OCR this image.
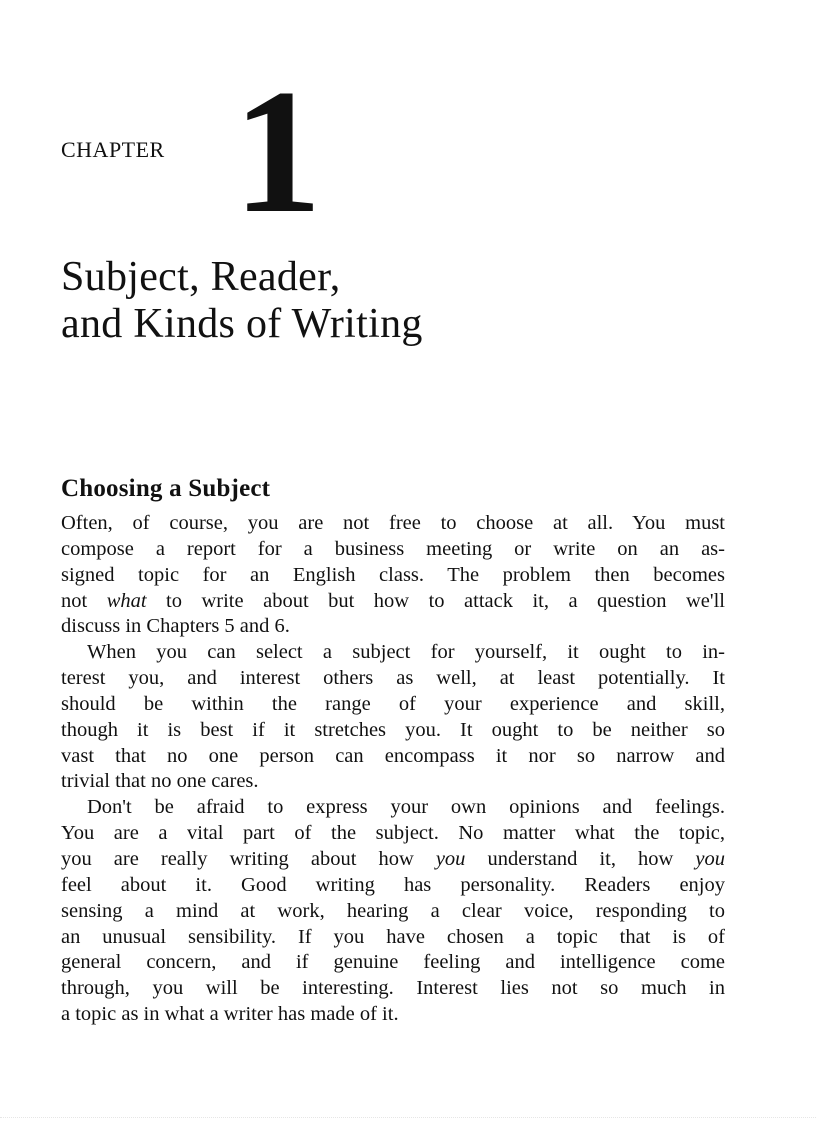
CHAPTER 1
Subject, Reader,
and Kinds of Writing
Choosing a Subject
Often, of course, you are not free to choose at all. You must
compose a report for a business meeting or write on an as-
signed topic for an English class. The problem then becomes
not what to write about but how to attack it, a question we'll
discuss in Chapters 5 and 6.
When you can select a subject for yourself, it ought to in-
terest you, and interest others as well, at least potentially. It
should be within the range of your experience and skill,
though it is best if it stretches you. It ought to be neither so
vast that no one person can encompass it nor so narrow and
trivial that no one cares.
Don't be afraid to express your own opinions and feelings.
You are a vital part of the subject. No matter what the topic,
you are really writing about how you understand it, how you
feel about it. Good writing has personality. Readers enjoy
sensing a mind at work, hearing a clear voice, responding to
an unusual sensibility. If you have chosen a topic that is of
general concern, and if genuine feeling and intelligence come
through, you will be interesting. Interest lies not so much in
a topic as in what a writer has made of it.
